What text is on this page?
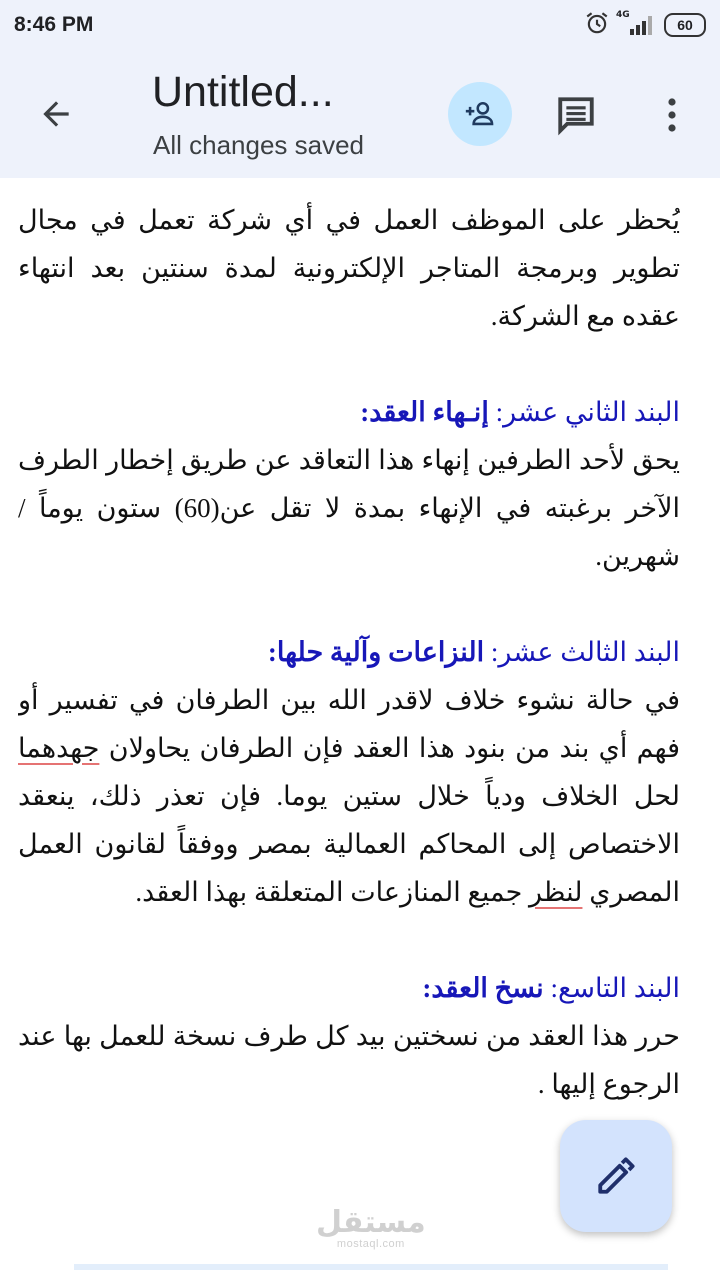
8:46 PM	4G
60
Untitled...
All changes saved

يُحظر على الموظف العمل في أي شركة تعمل في مجال تطوير وبرمجة المتاجر الإلكترونية لمدة سنتين بعد انتهاء عقده مع الشركة.

البند الثاني عشر: إنـهاء العقد:

يحق لأحد الطرفين إنهاء هذا التعاقد عن طريق إخطار الطرف الآخر برغبته في الإنهاء بمدة لا تقل عن(60) ستون يوماً / شهرين.

البند الثالث عشر: النزاعات وآلية حلها:

في حالة نشوء خلاف لاقدر الله بين الطرفان في تفسير أو فهم أي بند من بنود هذا العقد فإن الطرفان يحاولان جهدهما لحل الخلاف ودياً خلال ستين يوما. فإن تعذر ذلك، ينعقد الاختصاص إلى المحاكم العمالية بمصر ووفقاً لقانون العمل المصري لنظر جميع المنازعات المتعلقة بهذا العقد.

البند التاسع: نسخ العقد:

حرر هذا العقد من نسختين بيد كل طرف نسخة للعمل بها عند الرجوع إليها .

مستقل
mostaql.com
